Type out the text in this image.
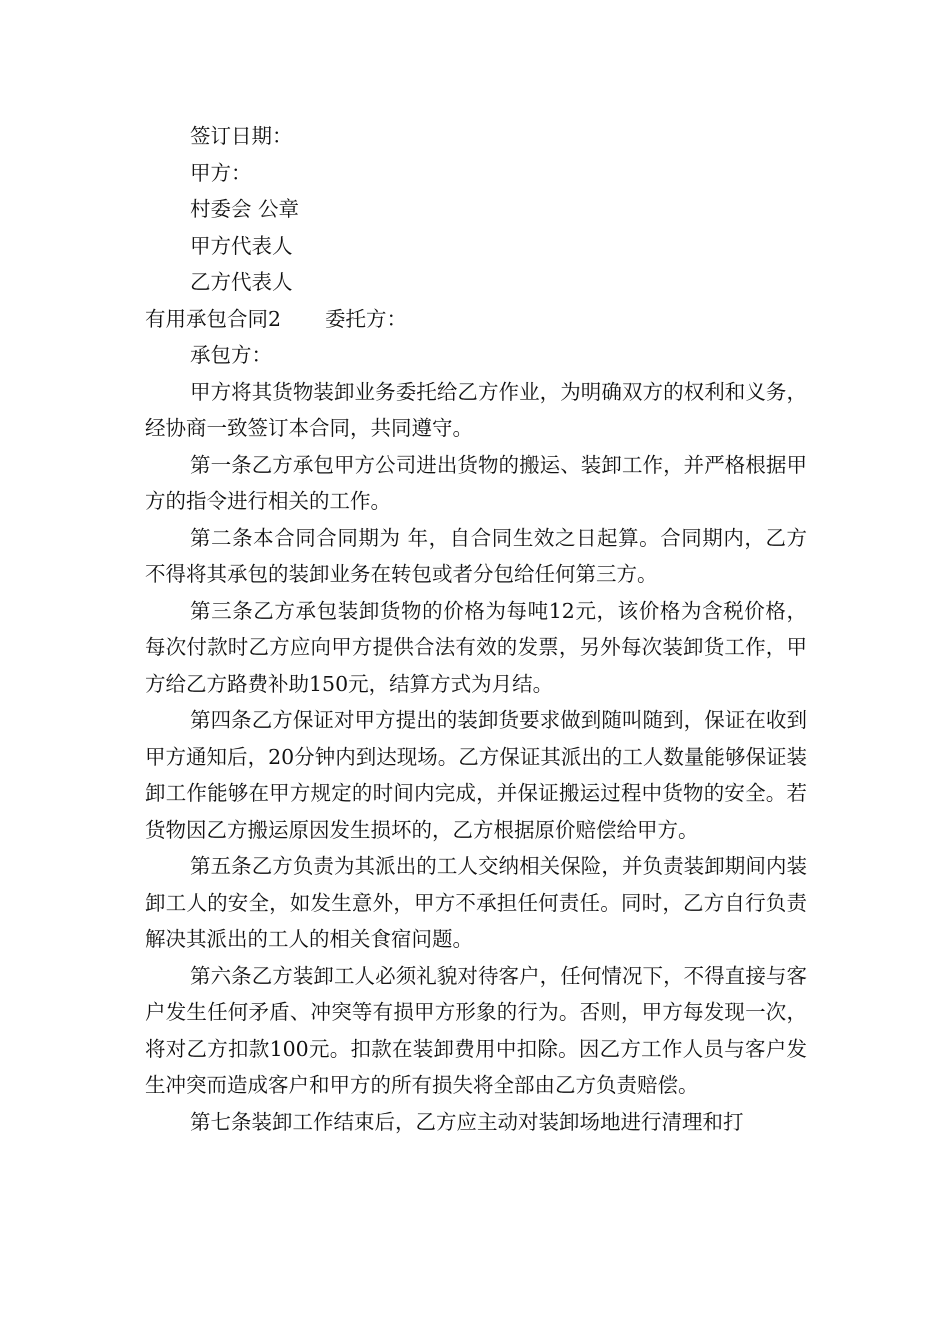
签订日期：

甲方：

村委会 公章

甲方代表人

乙方代表人

有用承包合同2 委托方：

承包方：

甲方将其货物装卸业务委托给乙方作业，为明确双方的权利和义务，经协商一致签订本合同，共同遵守。

第一条乙方承包甲方公司进出货物的搬运、装卸工作，并严格根据甲方的指令进行相关的工作。

第二条本合同合同期为 年，自合同生效之日起算。合同期内，乙方不得将其承包的装卸业务在转包或者分包给任何第三方。

第三条乙方承包装卸货物的价格为每吨12元，该价格为含税价格，每次付款时乙方应向甲方提供合法有效的发票，另外每次装卸货工作，甲方给乙方路费补助150元，结算方式为月结。

第四条乙方保证对甲方提出的装卸货要求做到随叫随到，保证在收到甲方通知后，20分钟内到达现场。乙方保证其派出的工人数量能够保证装卸工作能够在甲方规定的时间内完成，并保证搬运过程中货物的安全。若货物因乙方搬运原因发生损坏的，乙方根据原价赔偿给甲方。

第五条乙方负责为其派出的工人交纳相关保险，并负责装卸期间内装卸工人的安全，如发生意外，甲方不承担任何责任。同时，乙方自行负责解决其派出的工人的相关食宿问题。

第六条乙方装卸工人必须礼貌对待客户，任何情况下，不得直接与客户发生任何矛盾、冲突等有损甲方形象的行为。否则，甲方每发现一次，将对乙方扣款100元。扣款在装卸费用中扣除。因乙方工作人员与客户发生冲突而造成客户和甲方的所有损失将全部由乙方负责赔偿。

第七条装卸工作结束后，乙方应主动对装卸场地进行清理和打
